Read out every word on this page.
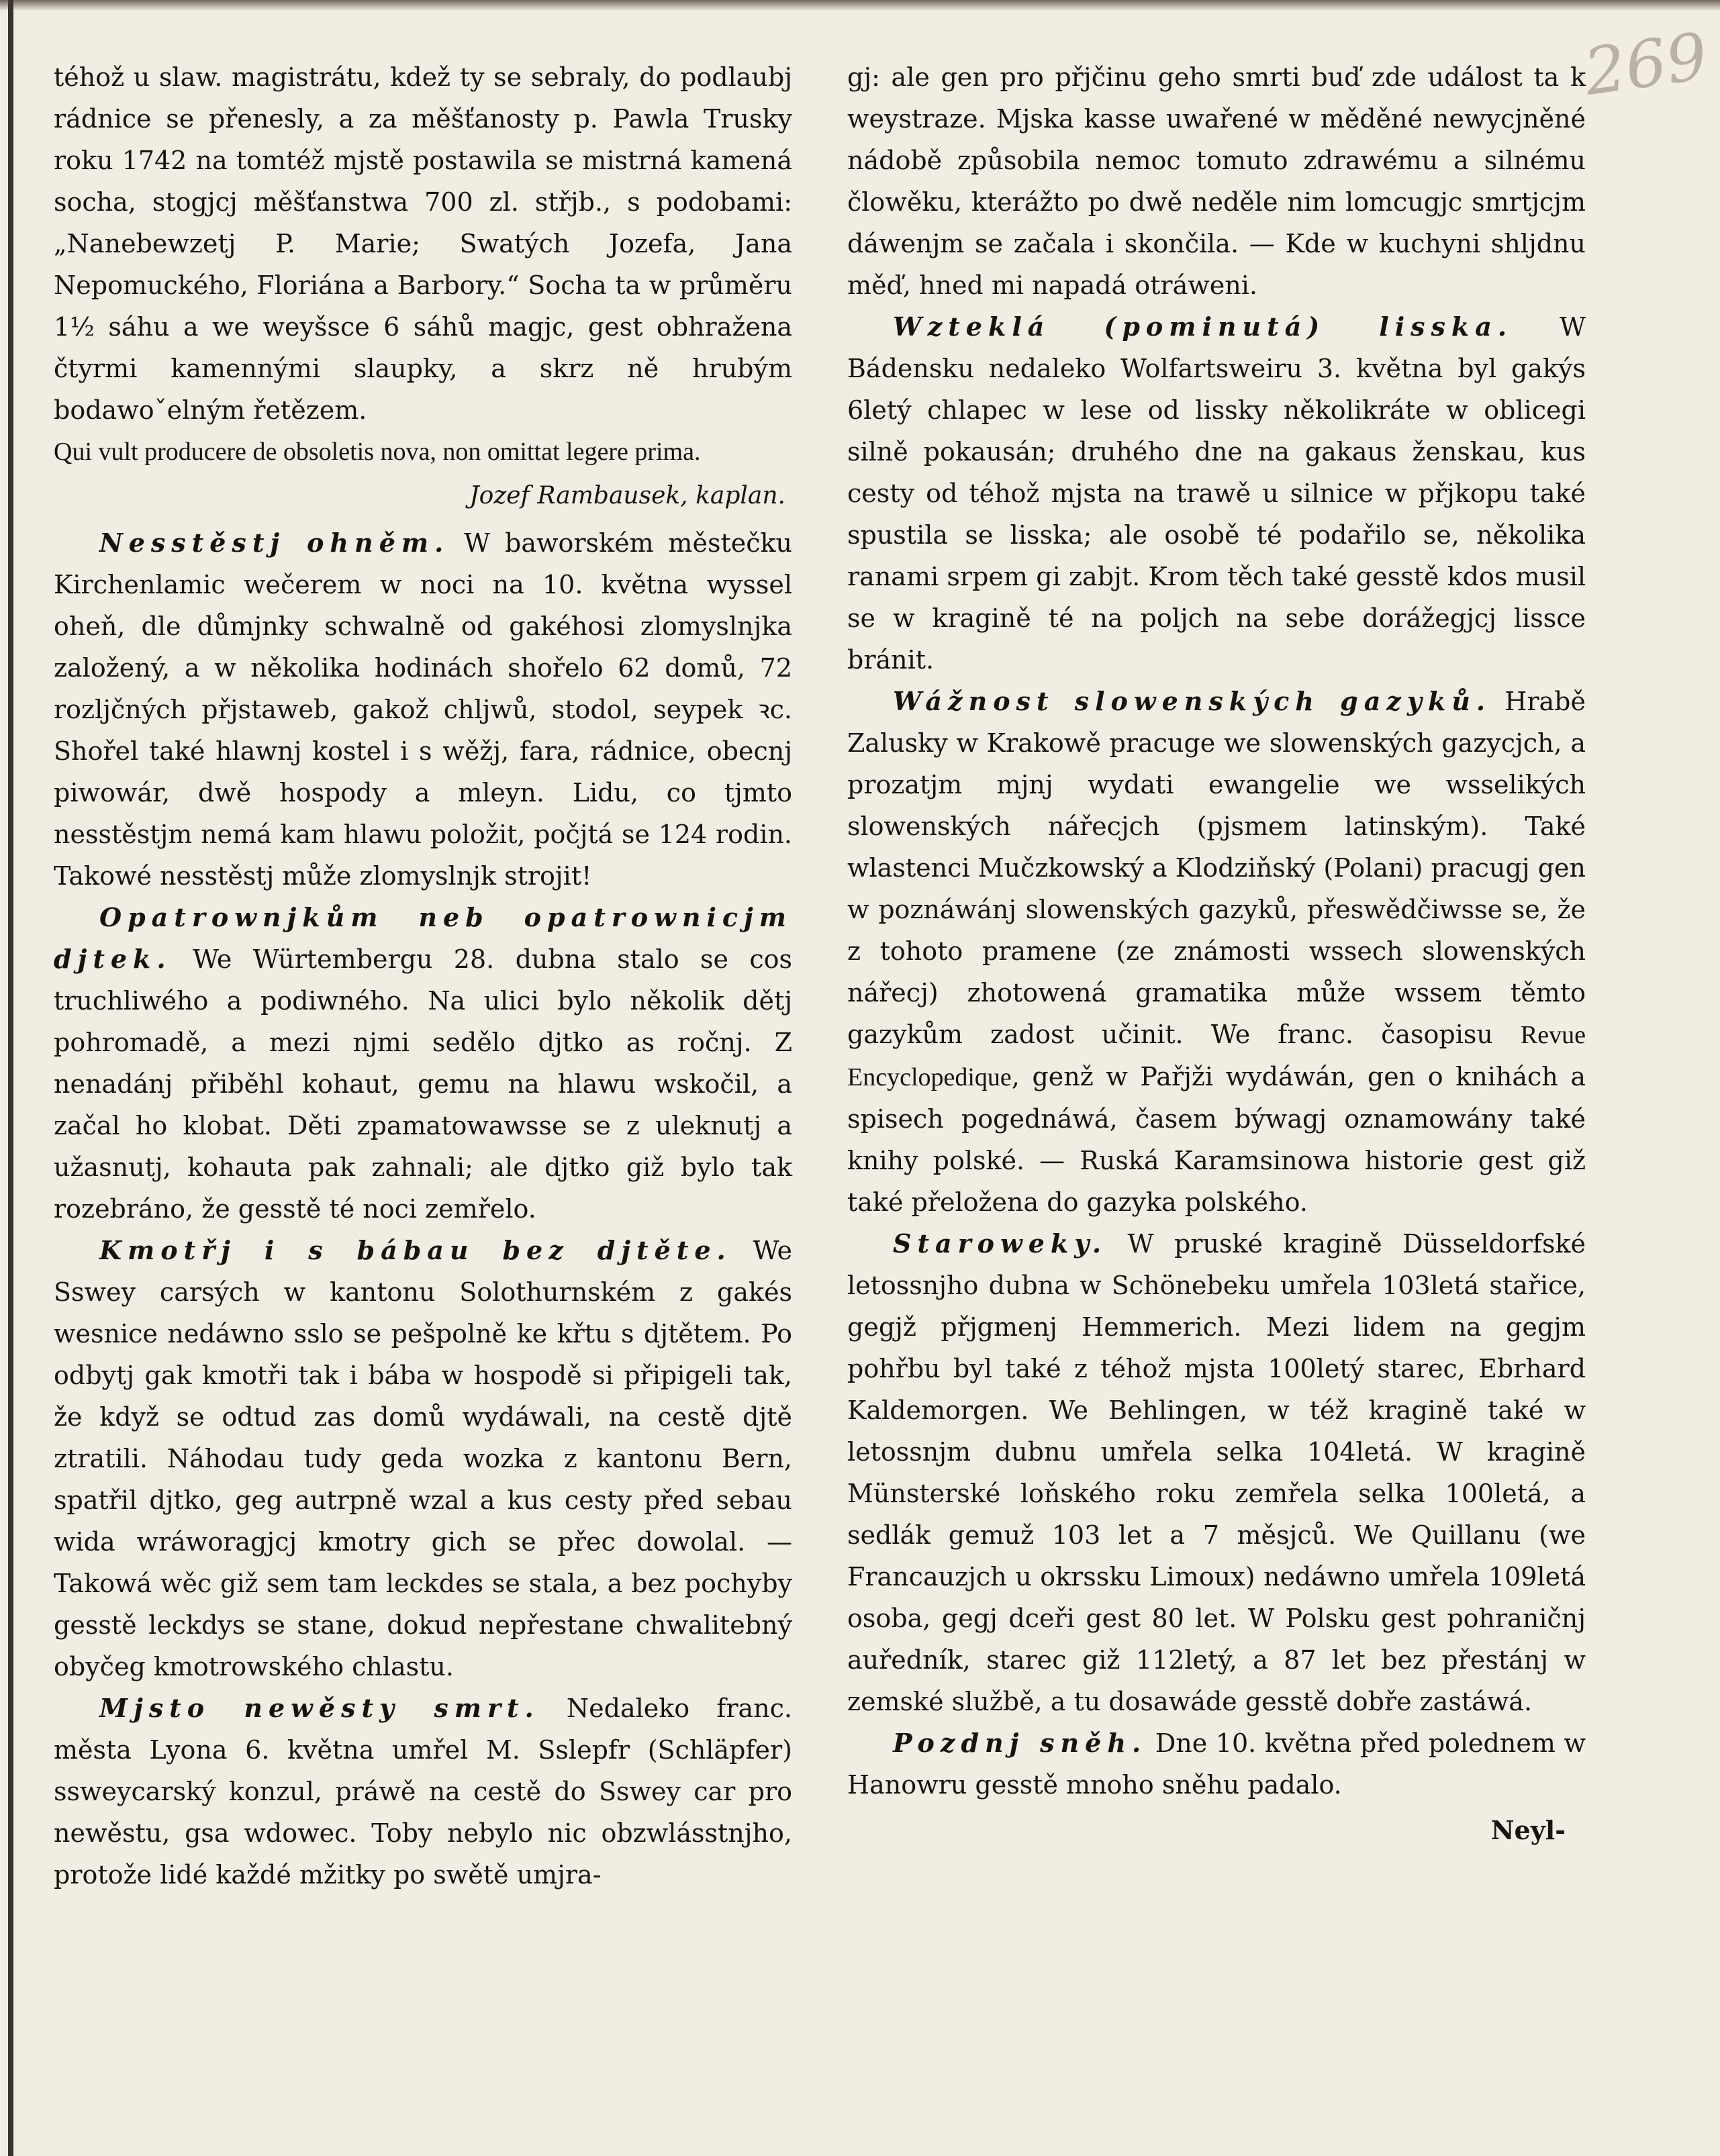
269

téhož u slaw. magistrátu, kdež ty se sebraly, do podlaubj rádnice se přenesly, a za měšťanosty p. Pawla Trusky roku 1742 na tomtéž mjstě postawila se mistrná kamená socha, stogjcj měšťanstwa 700 zl. střjb., s podobami: „Nanebewzetj P. Marie; Swatých Jozefa, Jana Nepomuckého, Floriána a Barbory.“ Socha ta w průměru 1½ sáhu a we weyšsce 6 sáhů magjc, gest obhražena čtyrmi kamennými slaupky, a skrz ně hrubým bodawoˇelným řetězem.

Qui vult producere de obsoletis nova, non omittat legere prima.

Jozef Rambausek, kaplan.

Nesstěstj ohněm. W baworském městečku Kirchenlamic wečerem w noci na 10. května wyssel oheň, dle důmjnky schwalně od gakéhosi zlomyslnjka založený, a w několika hodinách shořelo 62 domů, 72 rozljčných přjstaweb, gakož chljwů, stodol, seypek ꝛc. Shořel také hlawnj kostel i s wěžj, fara, rádnice, obecnj piwowár, dwě hospody a mleyn. Lidu, co tjmto nesstěstjm nemá kam hlawu položit, počjtá se 124 rodin. Takowé nesstěstj může zlomyslnjk strojit!

Opatrownjkům neb opatrownicjm djtek. We Würtembergu 28. dubna stalo se cos truchliwého a podiwného. Na ulici bylo několik dětj pohromadě, a mezi njmi sedělo djtko as ročnj. Z nenadánj přiběhl kohaut, gemu na hlawu wskočil, a začal ho klobat. Děti zpamatowawsse se z uleknutj a užasnutj, kohauta pak zahnali; ale djtko giž bylo tak rozebráno, že gesstě té noci zemřelo.

Kmotřj i s bábau bez djtěte. We Sswey carsých w kantonu Solothurnském z gakés wesnice nedáwno sslo se pešpolně ke křtu s djtětem. Po odbytj gak kmotři tak i bába w hospodě si připigeli tak, že když se odtud zas domů wydáwali, na cestě djtě ztratili. Náhodau tudy geda wozka z kantonu Bern, spatřil djtko, geg autrpně wzal a kus cesty před sebau wida wráworagjcj kmotry gich se přec dowolal. — Takowá wěc giž sem tam leckdes se stala, a bez pochyby gesstě leckdys se stane, dokud nepřestane chwalitebný obyčeg kmotrowského chlastu.

Mjsto newěsty smrt. Nedaleko franc. města Lyona 6. května umřel M. Sslepfr (Schläpfer) ssweycarský konzul, práwě na cestě do Sswey car pro newěstu, gsa wdowec. Toby nebylo nic obzwlásstnjho, protože lidé každé mžitky po swětě umjra-

gj: ale gen pro přjčinu geho smrti buď zde událost ta k weystraze. Mjska kasse uwařené w měděné newycjněné nádobě způsobila nemoc tomuto zdrawému a silnému člowěku, kterážto po dwě neděle nim lomcugjc smrtjcjm dáwenjm se začala i skončila. — Kde w kuchyni shljdnu měď, hned mi napadá otráweni.

Wzteklá (pominutá) lisska. W Bádensku nedaleko Wolfartsweiru 3. května byl gakýs 6letý chlapec w lese od lissky několikráte w oblicegi silně pokausán; druhého dne na gakaus ženskau, kus cesty od téhož mjsta na trawě u silnice w přjkopu také spustila se lisska; ale osobě té podařilo se, několika ranami srpem gi zabjt. Krom těch také gesstě kdos musil se w kragině té na poljch na sebe dorážegjcj lissce bránit.

Wážnost slowenských gazyků. Hrabě Zalusky w Krakowě pracuge we slowenských gazycjch, a prozatjm mjnj wydati ewangelie we wsselikých slowenských nářecjch (pjsmem latinským). Také wlastenci Mučzkowský a Klodziňský (Polani) pracugj gen w poznáwánj slowenských gazyků, přeswědčiwsse se, že z tohoto pramene (ze známosti wssech slowenských nářecj) zhotowená gramatika může wssem těmto gazykům zadost učinit. We franc. časopisu Revue Encyclopedique, genž w Pařjži wydáwán, gen o knihách a spisech pogednáwá, časem býwagj oznamowány také knihy polské. — Ruská Karamsinowa historie gest giž také přeložena do gazyka polského.

Staroweky. W pruské kragině Düsseldorfské letossnjho dubna w Schönebeku umřela 103letá stařice, gegjž přjgmenj Hemmerich. Mezi lidem na gegjm pohřbu byl také z téhož mjsta 100letý starec, Ebrhard Kaldemorgen. We Behlingen, w též kragině také w letossnjm dubnu umřela selka 104letá. W kragině Münsterské loňského roku zemřela selka 100letá, a sedlák gemuž 103 let a 7 měsjců. We Quillanu (we Francauzjch u okrssku Limoux) nedáwno umřela 109letá osoba, gegj dceři gest 80 let. W Polsku gest pohraničnj auředník, starec giž 112letý, a 87 let bez přestánj w zemské službě, a tu dosawáde gesstě dobře zastáwá.

Pozdnj sněh. Dne 10. května před polednem w Hanowru gesstě mnoho sněhu padalo.

Neyl-
